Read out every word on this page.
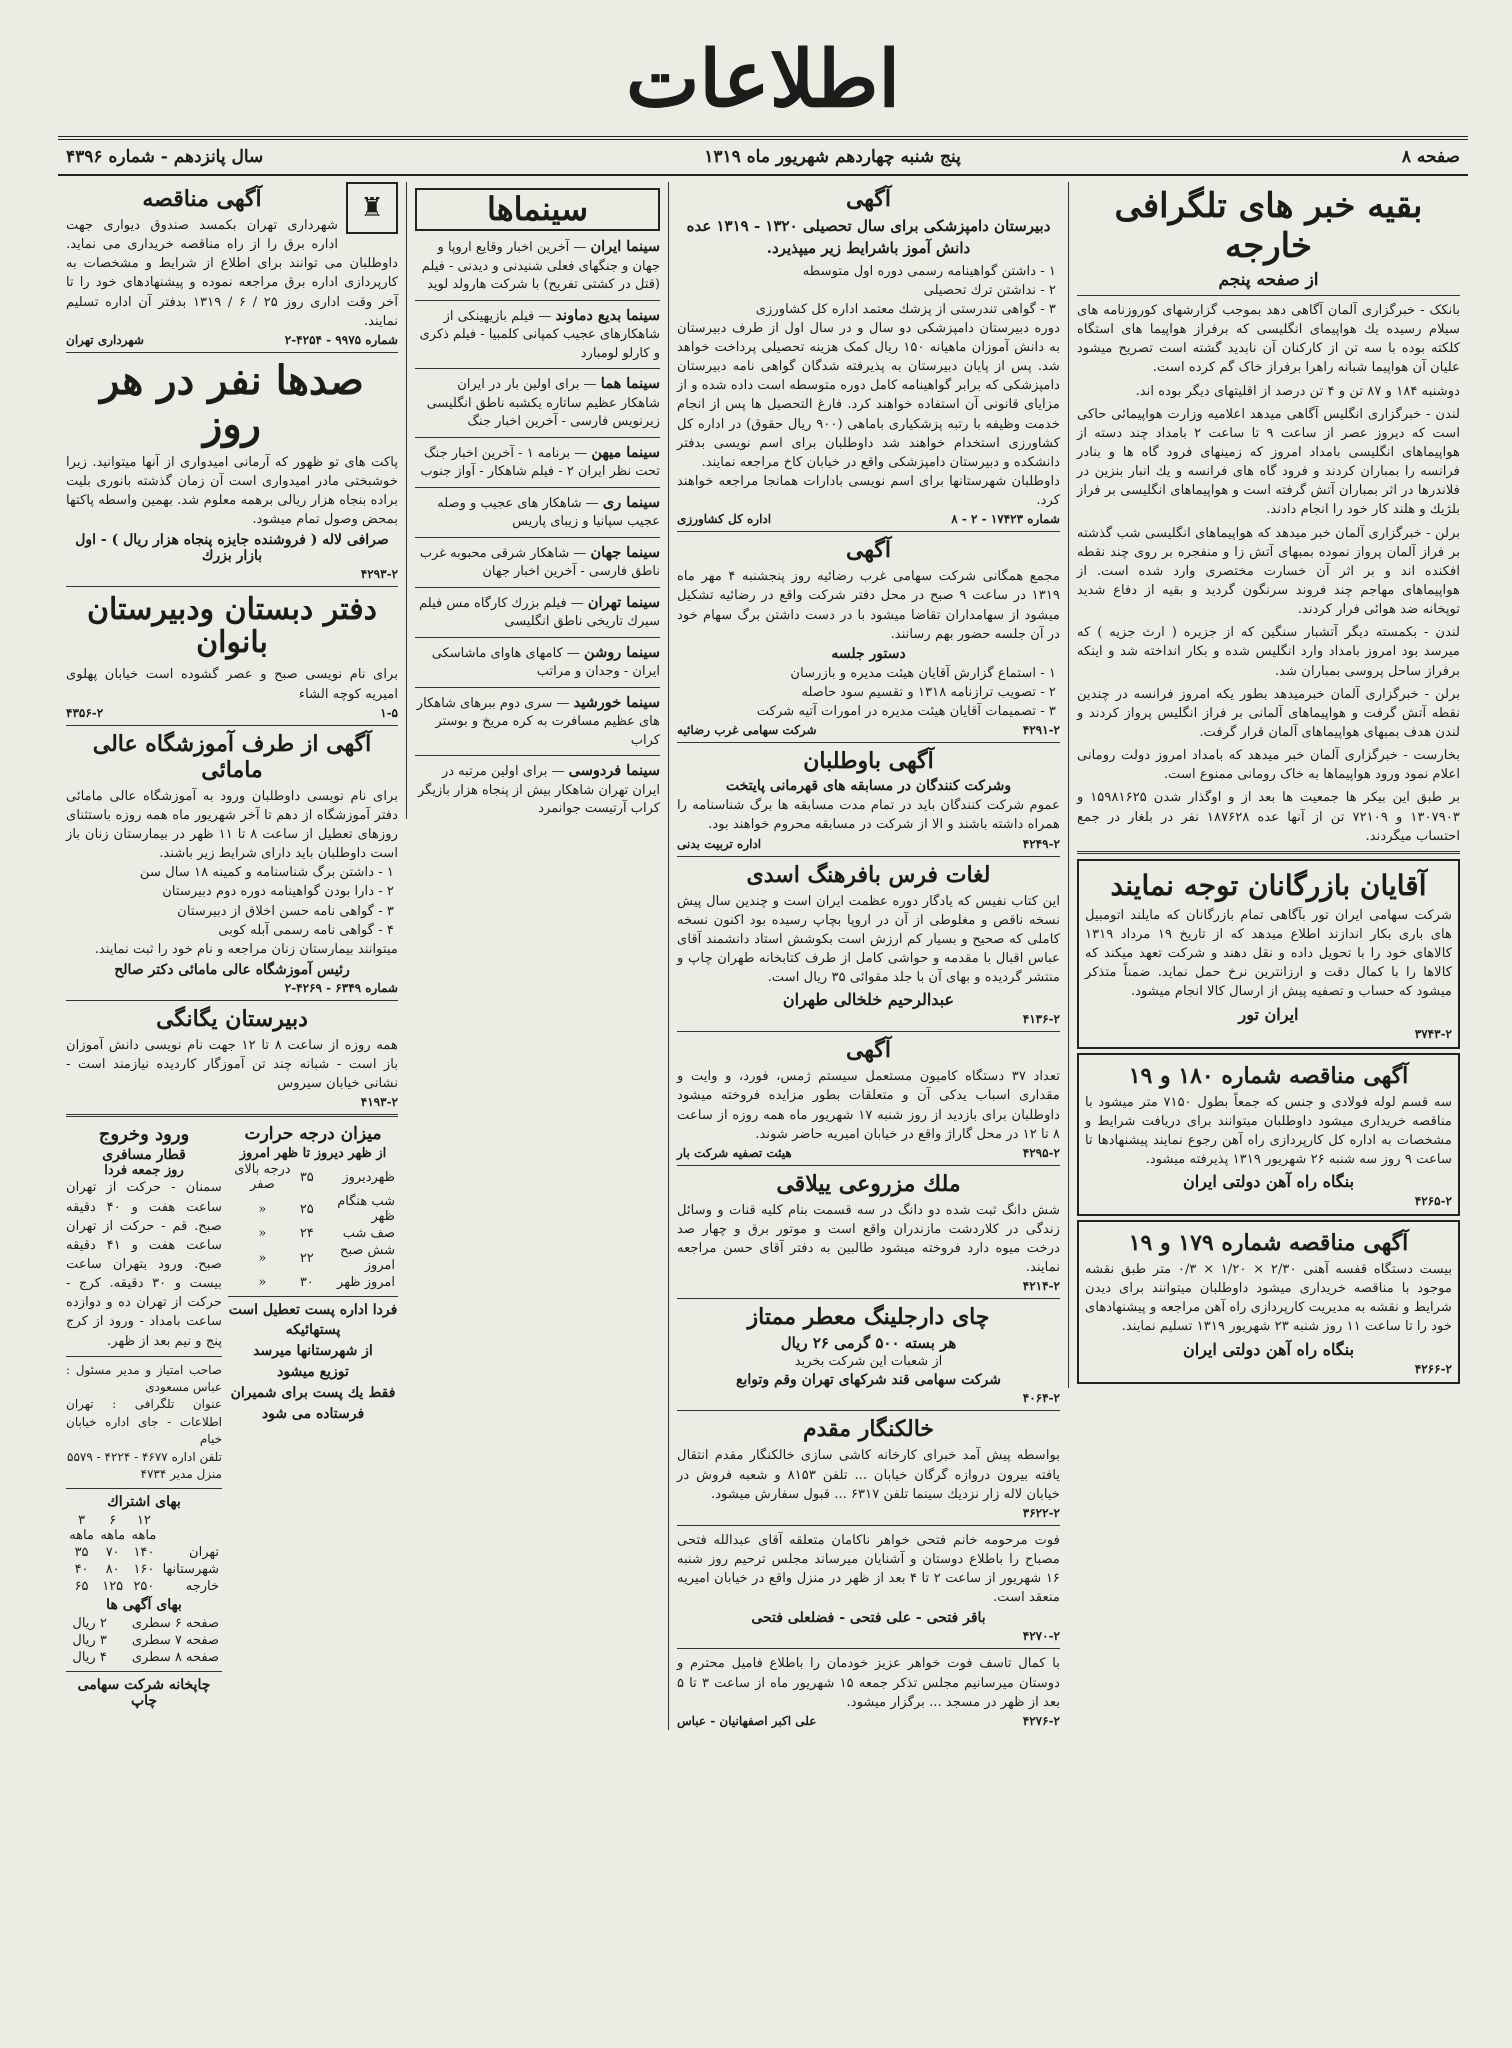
اطلاعات
صفحه ۸
پنج شنبه چهاردهم شهریور ماه ۱۳۱۹
سال پانزدهم - شماره ۴۳۹۶
بقیه خبر های تلگرافی خارجه
از صفحه پنجم

بانکک - خبرگزاری آلمان آگاهی دهد بموجب گزارشهای کوروزنامه های سیلام رسیده یك هواپیمای انگلیسی که برفراز هواپیما های استگاه کلکته بوده با سه تن از کارکنان آن نابدید گشته است تصریح میشود علیان آن هواپیما شبانه راهرا برفراز خاک گم کرده است.

دوشنبه ۱۸۴ و ۸۷ تن و ۴ تن درصد از اقلیتهای دیگر بوده اند.

لندن - خبرگزاری انگلیس آگاهی میدهد اعلامیه وزارت هواپیمائی حاکی است که دیروز عصر از ساعت ۹ تا ساعت ۲ بامداد چند دسته از هواپیماهای انگلیسی بامداد امروز که زمینهای فرود گاه ها و بنادر فرانسه را بمباران کردند و فرود گاه های فرانسه و یك انبار بنزین در فلاندرها در اثر بمباران آتش گرفته است و هواپیماهای انگلیسی بر فراز بلژیك و هلند کار خود را انجام دادند.

برلن - خبرگزاری آلمان خبر میدهد که هواپیماهای انگلیسی شب گذشته بر فراز آلمان پرواز نموده بمبهای آتش زا و منفجره بر روی چند نقطه افکنده اند و بر اثر آن خسارت مختصری وارد شده است. از هواپیماهای مهاجم چند فروند سرنگون گردید و بقیه از دفاع شدید توپخانه ضد هوائی فرار کردند.

لندن - بکمسته دیگر آتشبار سنگین که از جزیره ( ارث جزیه ) که میرسد بود امروز بامداد وارد انگلیس شده و بکار انداخته شد و اینکه برفراز ساحل پروسی بمباران شد.

برلن - خبرگزاری آلمان خبرمیدهد بطور یکه امروز فرانسه در چندین نقطه آتش گرفت و هواپیماهای آلمانی بر فراز انگلیس پرواز کردند و لندن هدف بمبهای هواپیماهای آلمان قرار گرفت.

بخارست - خبرگزاری آلمان خبر میدهد که بامداد امروز دولت رومانی اعلام نمود ورود هواپیماها به خاک رومانی ممنوع است.

بر طبق این بیکر ها جمعیت ها بعد از و اوگذار شدن ۱۵۹۸۱۶۲۵ و ۱۳۰۷۹۰۳ و ۷۲۱۰۹ تن از آنها عده ۱۸۷۶۲۸ نفر در بلغار در جمع احتساب میگردند.

آقایان بازرگانان توجه نمایند

شرکت سهامی ایران تور بآگاهی تمام بازرگانان که مایلند اتومبیل های باری بکار اندازند اطلاع میدهد که از تاریخ ۱۹ مرداد ۱۳۱۹ کالاهای خود را با تحویل داده و نقل دهند و شرکت تعهد میکند که کالاها را با کمال دقت و ارزانترین نرخ حمل نماید. ضمناً متذکر میشود که حساب و تصفیه پیش از ارسال کالا انجام میشود.

ایران تور
۳۷۴۳-۲
آگهی مناقصه شماره ۱۸۰ و ۱۹

سه قسم لوله فولادی و جنس که جمعاً بطول ۷۱۵۰ متر میشود با مناقصه خریداری میشود داوطلبان میتوانند برای دریافت شرایط و مشخصات به اداره کل کارپردازی راه آهن رجوع نمایند پیشنهادها تا ساعت ۹ روز سه شنبه ۲۶ شهریور ۱۳۱۹ پذیرفته میشود.

بنگاه راه آهن دولتی ایران
۴۲۶۵-۲
آگهی مناقصه شماره ۱۷۹ و ۱۹

بیست دستگاه قفسه آهنی ۲/۳۰ × ۱/۲۰ × ۰/۳ متر طبق نقشه موجود با مناقصه خریداری میشود داوطلبان میتوانند برای دیدن شرایط و نقشه به مدیریت کارپردازی راه آهن مراجعه و پیشنهادهای خود را تا ساعت ۱۱ روز شنبه ۲۳ شهریور ۱۳۱۹ تسلیم نمایند.

بنگاه راه آهن دولتی ایران
۴۲۶۶-۲
آگهی

دبیرستان دامپزشکی برای سال تحصیلی ۱۳۲۰ - ۱۳۱۹ عده دانش آموز باشرایط زیر میپذیرد.

۱ - داشتن گواهینامه رسمی دوره اول متوسطه
۲ - نداشتن ترك تحصیلی
۳ - گواهی تندرستی از پزشك معتمد اداره کل کشاورزی

دوره دبیرستان دامپزشکی دو سال و در سال اول از طرف دبیرستان به دانش آموزان ماهیانه ۱۵۰ ریال کمک هزینه تحصیلی پرداخت خواهد شد. پس از پایان دبیرستان به پذیرفته شدگان گواهی نامه دبیرستان دامپزشکی که برابر گواهینامه کامل دوره متوسطه است داده شده و از مزایای قانونی آن استفاده خواهند کرد. فارغ التحصیل ها پس از انجام خدمت وظیفه با رتبه پزشکیاری باماهی (۹۰۰ ریال حقوق) در اداره کل کشاورزی استخدام خواهند شد داوطلبان برای اسم نویسی بدفتر دانشکده و دبیرستان دامپزشکی واقع در خیابان کاخ مراجعه نمایند.

داوطلبان شهرستانها برای اسم نویسی بادارات همانجا مراجعه خواهند کرد.

شماره ۱۷۴۲۳ - ۲ - ۸
اداره کل کشاورزی
آگهی

مجمع همگانی شرکت سهامی غرب رضائیه روز پنجشنبه ۴ مهر ماه ۱۳۱۹ در ساعت ۹ صبح در محل دفتر شرکت واقع در رضائیه تشکیل میشود از سهامداران تقاضا میشود با در دست داشتن برگ سهام خود در آن جلسه حضور بهم رسانند.

دستور جلسه
۱ - استماع گزارش آقایان هیئت مدیره و بازرسان
۲ - تصویب ترازنامه ۱۳۱۸ و تقسیم سود حاصله
۳ - تصمیمات آقایان هیئت مدیره در امورات آتیه شرکت
۴۲۹۱-۲
شرکت سهامی غرب رضائیه
آگهی باوطلبان
وشرکت کنندگان در مسابقه های قهرمانی پایتخت

عموم شرکت کنندگان باید در تمام مدت مسابقه ها برگ شناسنامه را همراه داشته باشند و الا از شرکت در مسابقه محروم خواهند بود.

۴۲۴۹-۲
اداره تربیت بدنی
لغات فرس بافرهنگ اسدی

این کتاب نفیس که یادگار دوره عظمت ایران است و چندین سال پیش نسخه ناقص و مغلوطی از آن در اروپا بچاپ رسیده بود اکنون نسخه کاملی که صحیح و بسیار کم ارزش است بکوشش استاد دانشمند آقای عباس اقبال با مقدمه و حواشی کامل از طرف کتابخانه طهران چاپ و منتشر گردیده و بهای آن با جلد مقوائی ۳۵ ریال است.

عبدالرحیم خلخالی طهران
۴۱۳۶-۲
آگهی

تعداد ۳۷ دستگاه کامیون مستعمل سیستم ژمس، فورد، و وایت و مقداری اسباب یدکی آن و متعلقات بطور مزایده فروخته میشود داوطلبان برای بازدید از روز شنبه ۱۷ شهریور ماه همه روزه از ساعت ۸ تا ۱۲ در محل گاراژ واقع در خیابان امیریه حاضر شوند.

۴۲۹۵-۲
هیئت تصفیه شرکت بار
ملك مزروعی ییلاقی

شش دانگ ثبت شده دو دانگ در سه قسمت بنام کلیه قنات و وسائل زندگی در کلاردشت مازندران واقع است و موتور برق و چهار صد درخت میوه دارد فروخته میشود طالبین به دفتر آقای حسن مراجعه نمایند.

۴۲۱۴-۲
چای دارجلینگ معطر ممتاز
هر بسته ۵۰۰ گرمی ۲۶ ریال
از شعبات این شرکت بخرید
شرکت سهامی قند شرکهای تهران وقم وتوابع
۴۰۶۴-۲
خالکنگار مقدم

بواسطه پیش آمد خبرای کارخانه کاشی سازی خالکنگار مقدم انتقال یافته بیرون دروازه گرگان خیابان ... تلفن ۸۱۵۳ و شعبه فروش در خیابان لاله زار نزدیك سینما تلفن ۶۳۱۷ ... قبول سفارش میشود.

۳۶۲۲-۲

فوت مرحومه خانم فتحی خواهر ناکامان متعلقه آقای عبدالله فتحی مصباح را باطلاع دوستان و آشنایان میرساند مجلس ترحیم روز شنبه ۱۶ شهریور از ساعت ۲ تا ۴ بعد از ظهر در منزل واقع در خیابان امیریه منعقد است.

باقر فتحی - علی فتحی - فضلعلی فتحی
۴۲۷۰-۲

با کمال تاسف فوت خواهر عزیز خودمان را باطلاع فامیل محترم و دوستان میرسانیم مجلس تذکر جمعه ۱۵ شهریور ماه از ساعت ۳ تا ۵ بعد از ظهر در مسجد ... برگزار میشود.

۴۲۷۶-۲
علی اکبر اصفهانیان - عباس
سینماها
سینما ایران — آخرین اخبار وقایع اروپا و جهان و جنگهای فعلی شنیدنی و دیدنی - فیلم (قتل در کشتی تفریح) با شرکت هارولد لوید
سینما بدیع دماوند — فیلم بازیهینکی از شاهکارهای عجیب کمپانی کلمبیا - فیلم ذکری و کارلو لومبارد
سینما هما — برای اولین بار در ایران شاهکار عظیم ساتاره یکشبه ناطق انگلیسی زیرنویس فارسی - آخرین اخبار جنگ
سینما میهن — برنامه ۱ - آخرین اخبار جنگ تحت نظر ایران ۲ - فیلم شاهکار - آواز جنوب
سینما ری — شاهکار های عجیب و وصله عجیب سپانیا و زیبای پاریس
سینما جهان — شاهکار شرقی محبوبه غرب ناطق فارسی - آخرین اخبار جهان
سینما تهران — فیلم بزرك کارگاه مس فیلم سیرك تاریخی ناطق انگلیسی
سینما روشن — کامهای هاوای ماشاسکی ایران - وجدان و مراتب
سینما خورشید — سری دوم ببرهای شاهکار های عظیم مسافرت به کره مریخ و بوستر کراب
سینما فردوسی — برای اولین مرتبه در ایران تهران شاهکار بیش از پنجاه هزار بازیگر کراب آرتیست جوانمرد
♜
آگهی مناقصه

شهرداری تهران بکمسد صندوق دیواری جهت اداره برق را از راه مناقصه خریداری می نماید. داوطلبان می توانند برای اطلاع از شرایط و مشخصات به کارپردازی اداره برق مراجعه نموده و پیشنهادهای خود را تا آخر وقت اداری روز ۲۵ / ۶ / ۱۳۱۹ بدفتر آن اداره تسلیم نمایند.

شماره ۹۹۷۵ - ۴۲۵۴-۲
شهرداری تهران
صدها نفر در هر روز

پاکت های تو ظهور که آرمانی امیدواری از آنها میتوانید. زیرا خوشبختی مادر امیدواری است آن زمان گذشته بانوری بلیت براده بنجاه هزار ریالی برهمه معلوم شد. بهمین واسطه پاکتها بمحض وصول تمام میشود.

صرافی لاله ( فروشنده جایزه پنجاه هزار ریال ) - اول بازار بزرك
۴۲۹۳-۲
دفتر دبستان ودبیرستان بانوان

برای نام نویسی صبح و عصر گشوده است خیابان پهلوی امیریه کوچه الشاء

۱-۵
۴۳۵۶-۲
آگهی از طرف آموزشگاه عالی مامائی

برای نام نویسی داوطلبان ورود به آموزشگاه عالی مامائی دفتر آموزشگاه از دهم تا آخر شهریور ماه همه روزه باستثنای روزهای تعطیل از ساعت ۸ تا ۱۱ ظهر در بیمارستان زنان باز است داوطلبان باید دارای شرایط زیر باشند.

۱ - داشتن برگ شناسنامه و کمینه ۱۸ سال سن
۲ - دارا بودن گواهینامه دوره دوم دبیرستان
۳ - گواهی نامه حسن اخلاق از دبیرستان
۴ - گواهی نامه رسمی آبله کوبی

میتوانند بیمارستان زنان مراجعه و نام خود را ثبت نمایند.

رئیس آموزشگاه عالی مامائی دکتر صالح
شماره ۶۳۴۹ - ۴۲۶۹-۲
دبیرستان یگانگی

همه روزه از ساعت ۸ تا ۱۲ جهت نام نویسی دانش آموزان باز است - شبانه چند تن آموزگار کاردیده نیازمند است - نشانی خیابان سیروس

۴۱۹۳-۲
میزان درجه حرارت
از ظهر دیروز تا ظهر امروز
ظهردیروز	۳۵	درجه بالای صفر
شب هنگام ظهر	۲۵	«
صف شب	۲۴	«
شش صبح امروز	۲۲	«
امروز ظهر	۳۰	«
فردا اداره پست تعطیل است
پستهائیکه
از شهرستانها میرسد
توزیع میشود
فقط یك پست برای شمیران
فرستاده می شود
ورود وخروج
قطار مسافری
روز جمعه فردا

سمنان - حرکت از تهران ساعت هفت و ۴۰ دقیقه صبح. قم - حرکت از تهران ساعت هفت و ۴۱ دقیقه صبح. ورود بتهران ساعت بیست و ۳۰ دقیقه. کرج - حرکت از تهران ده و دوازده ساعت بامداد - ورود از کرج پنج و نیم بعد از ظهر.

صاحب امتیاز و مدیر مسئول : عباس مسعودی

عنوان تلگرافی : تهران اطلاعات - جای اداره خیابان خیام

تلفن اداره ۴۶۷۷ - ۴۲۲۴ - ۵۵۷۹

منزل مدیر ۴۷۳۴

بهای اشتراك
	۱۲ ماهه	۶ ماهه	۳ ماهه
تهران	۱۴۰	۷۰	۳۵
شهرستانها	۱۶۰	۸۰	۴۰
خارجه	۲۵۰	۱۲۵	۶۵
بهای آگهی ها
صفحه ۶ سطری	۲ ریال
صفحه ۷ سطری	۳ ریال
صفحه ۸ سطری	۴ ریال
چاپخانه شرکت سهامی چاپ
